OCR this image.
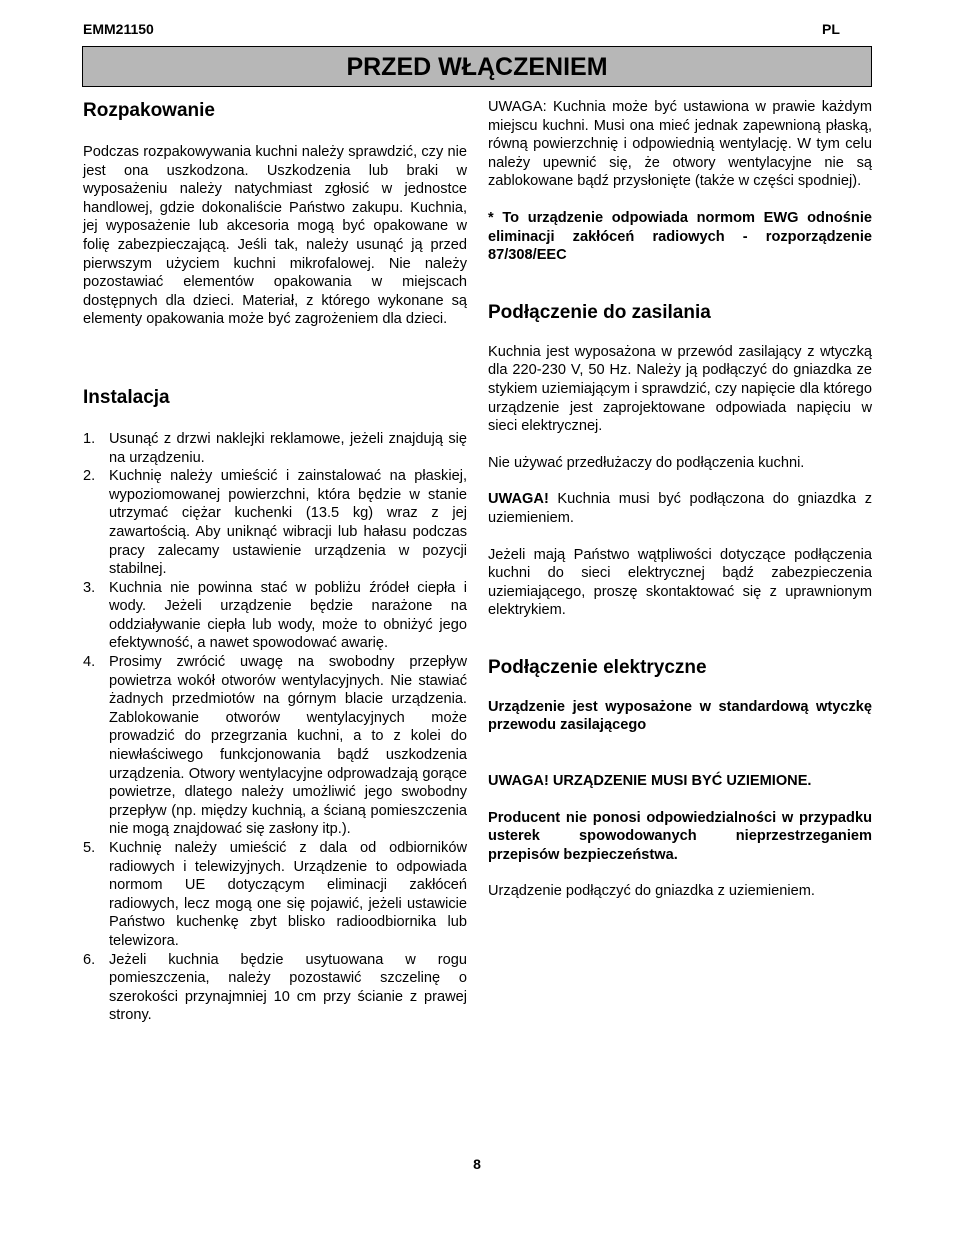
EMM21150	PL
PRZED WŁĄCZENIEM
Rozpakowanie

Podczas rozpakowywania kuchni należy sprawdzić, czy nie jest ona uszkodzona. Uszkodzenia lub braki w wyposażeniu należy natychmiast zgłosić w jednostce handlowej, gdzie dokonaliście Państwo zakupu. Kuchnia, jej wyposażenie lub akcesoria mogą być opakowane w folię zabezpieczającą. Jeśli tak, należy usunąć ją przed pierwszym użyciem kuchni mikrofalowej. Nie należy pozostawiać elementów opakowania w miejscach dostępnych dla dzieci. Materiał, z którego wykonane są elementy opakowania może być zagrożeniem dla dzieci.

Instalacja
1. Usunąć z drzwi naklejki reklamowe, jeżeli znajdują się na urządzeniu.
2. Kuchnię należy umieścić i zainstalować na płaskiej, wypoziomowanej powierzchni, która będzie w stanie utrzymać ciężar kuchenki (13.5 kg) wraz z jej zawartością. Aby uniknąć wibracji lub hałasu podczas pracy zalecamy ustawienie urządzenia w pozycji stabilnej.
3. Kuchnia nie powinna stać w pobliżu źródeł ciepła i wody. Jeżeli urządzenie będzie narażone na oddziaływanie ciepła lub wody, może to obniżyć jego efektywność, a nawet spowodować awarię.
4. Prosimy zwrócić uwagę na swobodny przepływ powietrza wokół otworów wentylacyjnych. Nie stawiać żadnych przedmiotów na górnym blacie urządzenia. Zablokowanie otworów wentylacyjnych może prowadzić do przegrzania kuchni, a to z kolei do niewłaściwego funkcjonowania bądź uszkodzenia urządzenia. Otwory wentylacyjne odprowadzają gorące powietrze, dlatego należy umożliwić jego swobodny przepływ (np. między kuchnią, a ścianą pomieszczenia nie mogą znajdować się zasłony itp.).
5. Kuchnię należy umieścić z dala od odbiorników radiowych i telewizyjnych. Urządzenie to odpowiada normom UE dotyczącym eliminacji zakłóceń radiowych, lecz mogą one się pojawić, jeżeli ustawicie Państwo kuchenkę zbyt blisko radioodbiornika lub telewizora.
6. Jeżeli kuchnia będzie usytuowana w rogu pomieszczenia, należy pozostawić szczelinę o szerokości przynajmniej 10 cm przy ścianie z prawej strony.

UWAGA: Kuchnia może być ustawiona w prawie każdym miejscu kuchni. Musi ona mieć jednak zapewnioną płaską, równą powierzchnię i odpowiednią wentylację. W tym celu należy upewnić się, że otwory wentylacyjne nie są zablokowane bądź przysłonięte (także w części spodniej).

* To urządzenie odpowiada normom EWG odnośnie eliminacji zakłóceń radiowych - rozporządzenie 87/308/EEC

Podłączenie do zasilania

Kuchnia jest wyposażona w przewód zasilający z wtyczką dla 220-230 V, 50 Hz. Należy ją podłączyć do gniazdka ze stykiem uziemiającym i sprawdzić, czy napięcie dla którego urządzenie jest zaprojektowane odpowiada napięciu w sieci elektrycznej.

Nie używać przedłużaczy do podłączenia kuchni.

UWAGA! Kuchnia musi być podłączona do gniazdka z uziemieniem.

Jeżeli mają Państwo wątpliwości dotyczące podłączenia kuchni do sieci elektrycznej bądź zabezpieczenia uziemiającego, proszę skontaktować się z uprawnionym elektrykiem.

Podłączenie elektryczne

Urządzenie jest wyposażone w standardową wtyczkę przewodu zasilającego

UWAGA! URZĄDZENIE MUSI BYĆ UZIEMIONE.

Producent nie ponosi odpowiedzialności w przypadku usterek spowodowanych nieprzestrzeganiem przepisów bezpieczeństwa.

Urządzenie podłączyć do gniazdka z uziemieniem.

8
